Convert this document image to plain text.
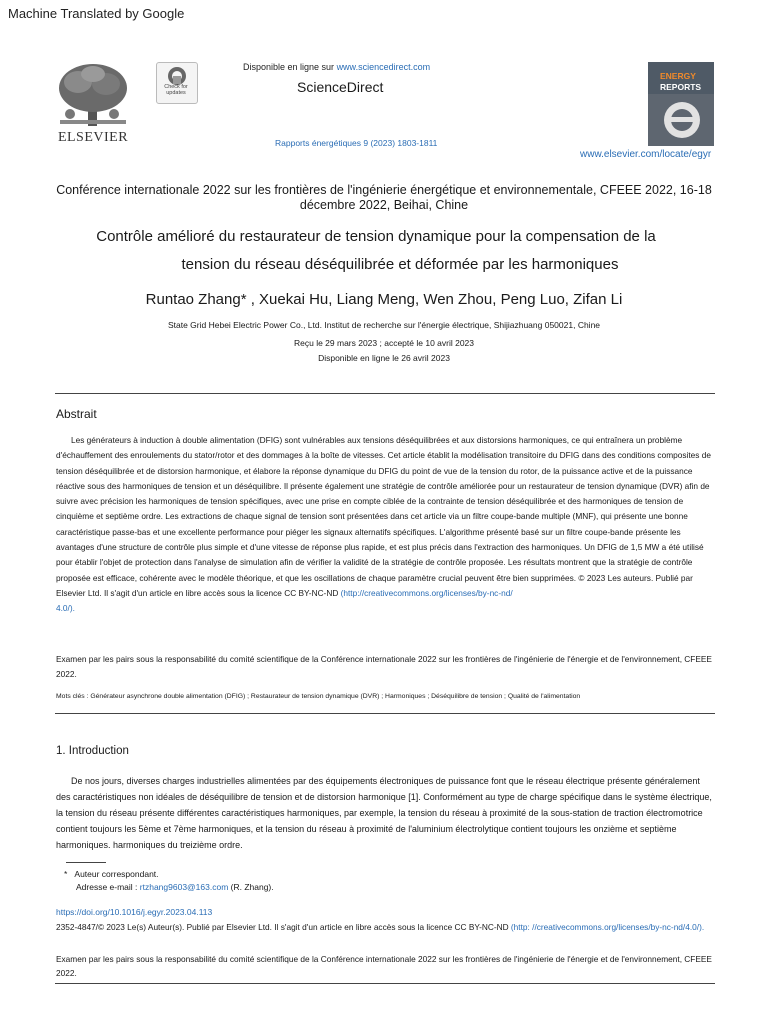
Machine Translated by Google
ELSEVIER
Check for updates
Disponible en ligne sur www.sciencedirect.com
ScienceDirect
Rapports énergétiques 9 (2023) 1803-1811
ENERGY
REPORTS
www.elsevier.com/locate/egyr
Conférence internationale 2022 sur les frontières de l'ingénierie énergétique et environnementale, CFEEE 2022, 16-18 décembre 2022, Beihai, Chine
Contrôle amélioré du restaurateur de tension dynamique pour la compensation de la
tension du réseau déséquilibrée et déformée par les harmoniques
Runtao Zhang* , Xuekai Hu, Liang Meng, Wen Zhou, Peng Luo, Zifan Li
State Grid Hebei Electric Power Co., Ltd. Institut de recherche sur l'énergie électrique, Shijiazhuang 050021, Chine
Reçu le 29 mars 2023 ; accepté le 10 avril 2023
Disponible en ligne le 26 avril 2023
Abstrait
Les générateurs à induction à double alimentation (DFIG) sont vulnérables aux tensions déséquilibrées et aux distorsions harmoniques, ce qui entraînera un problème d'échauffement des enroulements du stator/rotor et des dommages à la boîte de vitesses. Cet article établit la modélisation transitoire du DFIG dans des conditions composites de tension déséquilibrée et de distorsion harmonique, et élabore la réponse dynamique du DFIG du point de vue de la tension du rotor, de la puissance active et de la puissance réactive sous des harmoniques de tension et un déséquilibre. Il présente également une stratégie de contrôle améliorée pour un restaurateur de tension dynamique (DVR) afin de suivre avec précision les harmoniques de tension spécifiques, avec une prise en compte ciblée de la contrainte de tension déséquilibrée et des harmoniques de tension de cinquième et septième ordre. Les extractions de chaque signal de tension sont présentées dans cet article via un filtre coupe-bande multiple (MNF), qui présente une bonne caractéristique passe-bas et une excellente performance pour piéger les signaux alternatifs spécifiques. L'algorithme présenté basé sur un filtre coupe-bande présente les avantages d'une structure de contrôle plus simple et d'une vitesse de réponse plus rapide, et est plus précis dans l'extraction des harmoniques. Un DFIG de 1,5 MW a été utilisé pour établir l'objet de protection dans l'analyse de simulation afin de vérifier la validité de la stratégie de contrôle proposée. Les résultats montrent que la stratégie de contrôle proposée est efficace, cohérente avec le modèle théorique, et que les oscillations de chaque paramètre crucial peuvent être bien supprimées. © 2023 Les auteurs. Publié par Elsevier Ltd. Il s'agit d'un article en libre accès sous la licence CC BY-NC-ND (http://creativecommons.org/licenses/by-nc-nd/
4.0/).
Examen par les pairs sous la responsabilité du comité scientifique de la Conférence internationale 2022 sur les frontières de l'ingénierie de l'énergie et de l'environnement, CFEEE 2022.
Mots clés : Générateur asynchrone double alimentation (DFIG) ; Restaurateur de tension dynamique (DVR) ; Harmoniques ; Déséquilibre de tension ; Qualité de l'alimentation
1. Introduction
De nos jours, diverses charges industrielles alimentées par des équipements électroniques de puissance font que le réseau électrique présente généralement des caractéristiques non idéales de déséquilibre de tension et de distorsion harmonique [1]. Conformément au type de charge spécifique dans le système électrique, la tension du réseau présente différentes caractéristiques harmoniques, par exemple, la tension du réseau à proximité de la sous-station de traction électromotrice contient toujours les 5ème et 7ème harmoniques, et la tension du réseau à proximité de l'aluminium électrolytique contient toujours les onzième et septième harmoniques. harmoniques du treizième ordre.
* Auteur correspondant.
Adresse e-mail : rtzhang9603@163.com (R. Zhang).
https://doi.org/10.1016/j.egyr.2023.04.113
2352-4847/© 2023 Le(s) Auteur(s). Publié par Elsevier Ltd. Il s'agit d'un article en libre accès sous la licence CC BY-NC-ND (http: //creativecommons.org/licenses/by-nc-nd/4.0/).
Examen par les pairs sous la responsabilité du comité scientifique de la Conférence internationale 2022 sur les frontières de l'ingénierie de l'énergie et de l'environnement, CFEEE 2022.
